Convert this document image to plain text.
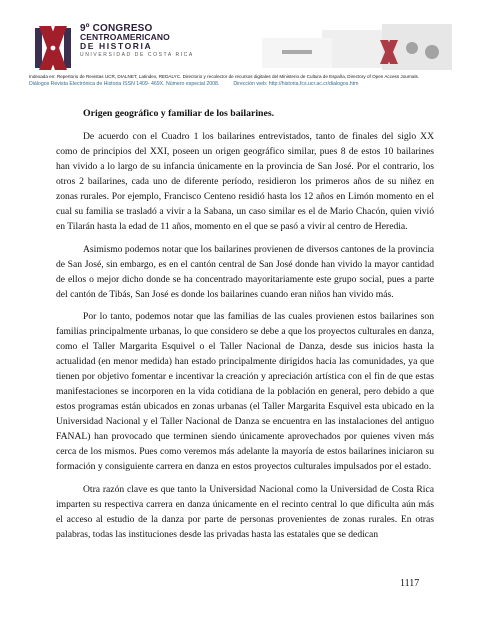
9º CONGRESO
CENTROAMERICANO
DE HISTORIA
UNIVERSIDAD DE COSTA RICA
Indexada en: Repertorio de Revistas UCR, DIALNET, Latindex, REDALYC. Directorio y recolector de recursos digitales del Ministerio de Cultura de España, Directory of Open Access Journals.
Diálogos Revista Electrónica de Historia ISSN 1409- 469X. Número especial 2008.	Dirección web: http://historia.fcs.ucr.ac.cr/dialogos.htm
Origen geográfico y familiar de los bailarines.

De acuerdo con el Cuadro 1 los bailarines entrevistados, tanto de finales del siglo XX como de principios del XXI, poseen un origen geográfico similar, pues 8 de estos 10 bailarines han vivido a lo largo de su infancia únicamente en la provincia de San José. Por el contrario, los otros 2 bailarines, cada uno de diferente período, residieron los primeros años de su niñez en zonas rurales. Por ejemplo, Francisco Centeno residió hasta los 12 años en Limón momento en el cual su familia se trasladó a vivir a la Sabana, un caso similar es el de Mario Chacón, quien vivió en Tilarán hasta la edad de 11 años, momento en el que se pasó a vivir al centro de Heredia.

Asimismo podemos notar que los bailarines provienen de diversos cantones de la provincia de San José, sin embargo, es en el cantón central de San José donde han vivido la mayor cantidad de ellos o mejor dicho donde se ha concentrado mayoritariamente este grupo social, pues a parte del cantón de Tibás, San José es donde los bailarines cuando eran niños han vivido más.

Por lo tanto, podemos notar que las familias de las cuales provienen estos bailarines son familias principalmente urbanas, lo que considero se debe a que los proyectos culturales en danza, como el Taller Margarita Esquivel o el Taller Nacional de Danza, desde sus inicios hasta la actualidad (en menor medida) han estado principalmente dirigidos hacia las comunidades, ya que tienen por objetivo fomentar e incentivar la creación y apreciación artística con el fin de que estas manifestaciones se incorporen en la vida cotidiana de la población en general, pero debido a que estos programas están ubicados en zonas urbanas (el Taller Margarita Esquivel esta ubicado en la Universidad Nacional y el Taller Nacional de Danza se encuentra en las instalaciones del antiguo FANAL) han provocado que terminen siendo únicamente aprovechados por quienes viven más cerca de los mismos. Pues como veremos más adelante la mayoría de estos bailarines iniciaron su formación y consiguiente carrera en danza en estos proyectos culturales impulsados por el estado.

Otra razón clave es que tanto la Universidad Nacional como la Universidad de Costa Rica imparten su respectiva carrera en danza únicamente en el recinto central lo que dificulta aún más el acceso al estudio de la danza por parte de personas provenientes de zonas rurales. En otras palabras, todas las instituciones desde las privadas hasta las estatales que se dedican

1117
